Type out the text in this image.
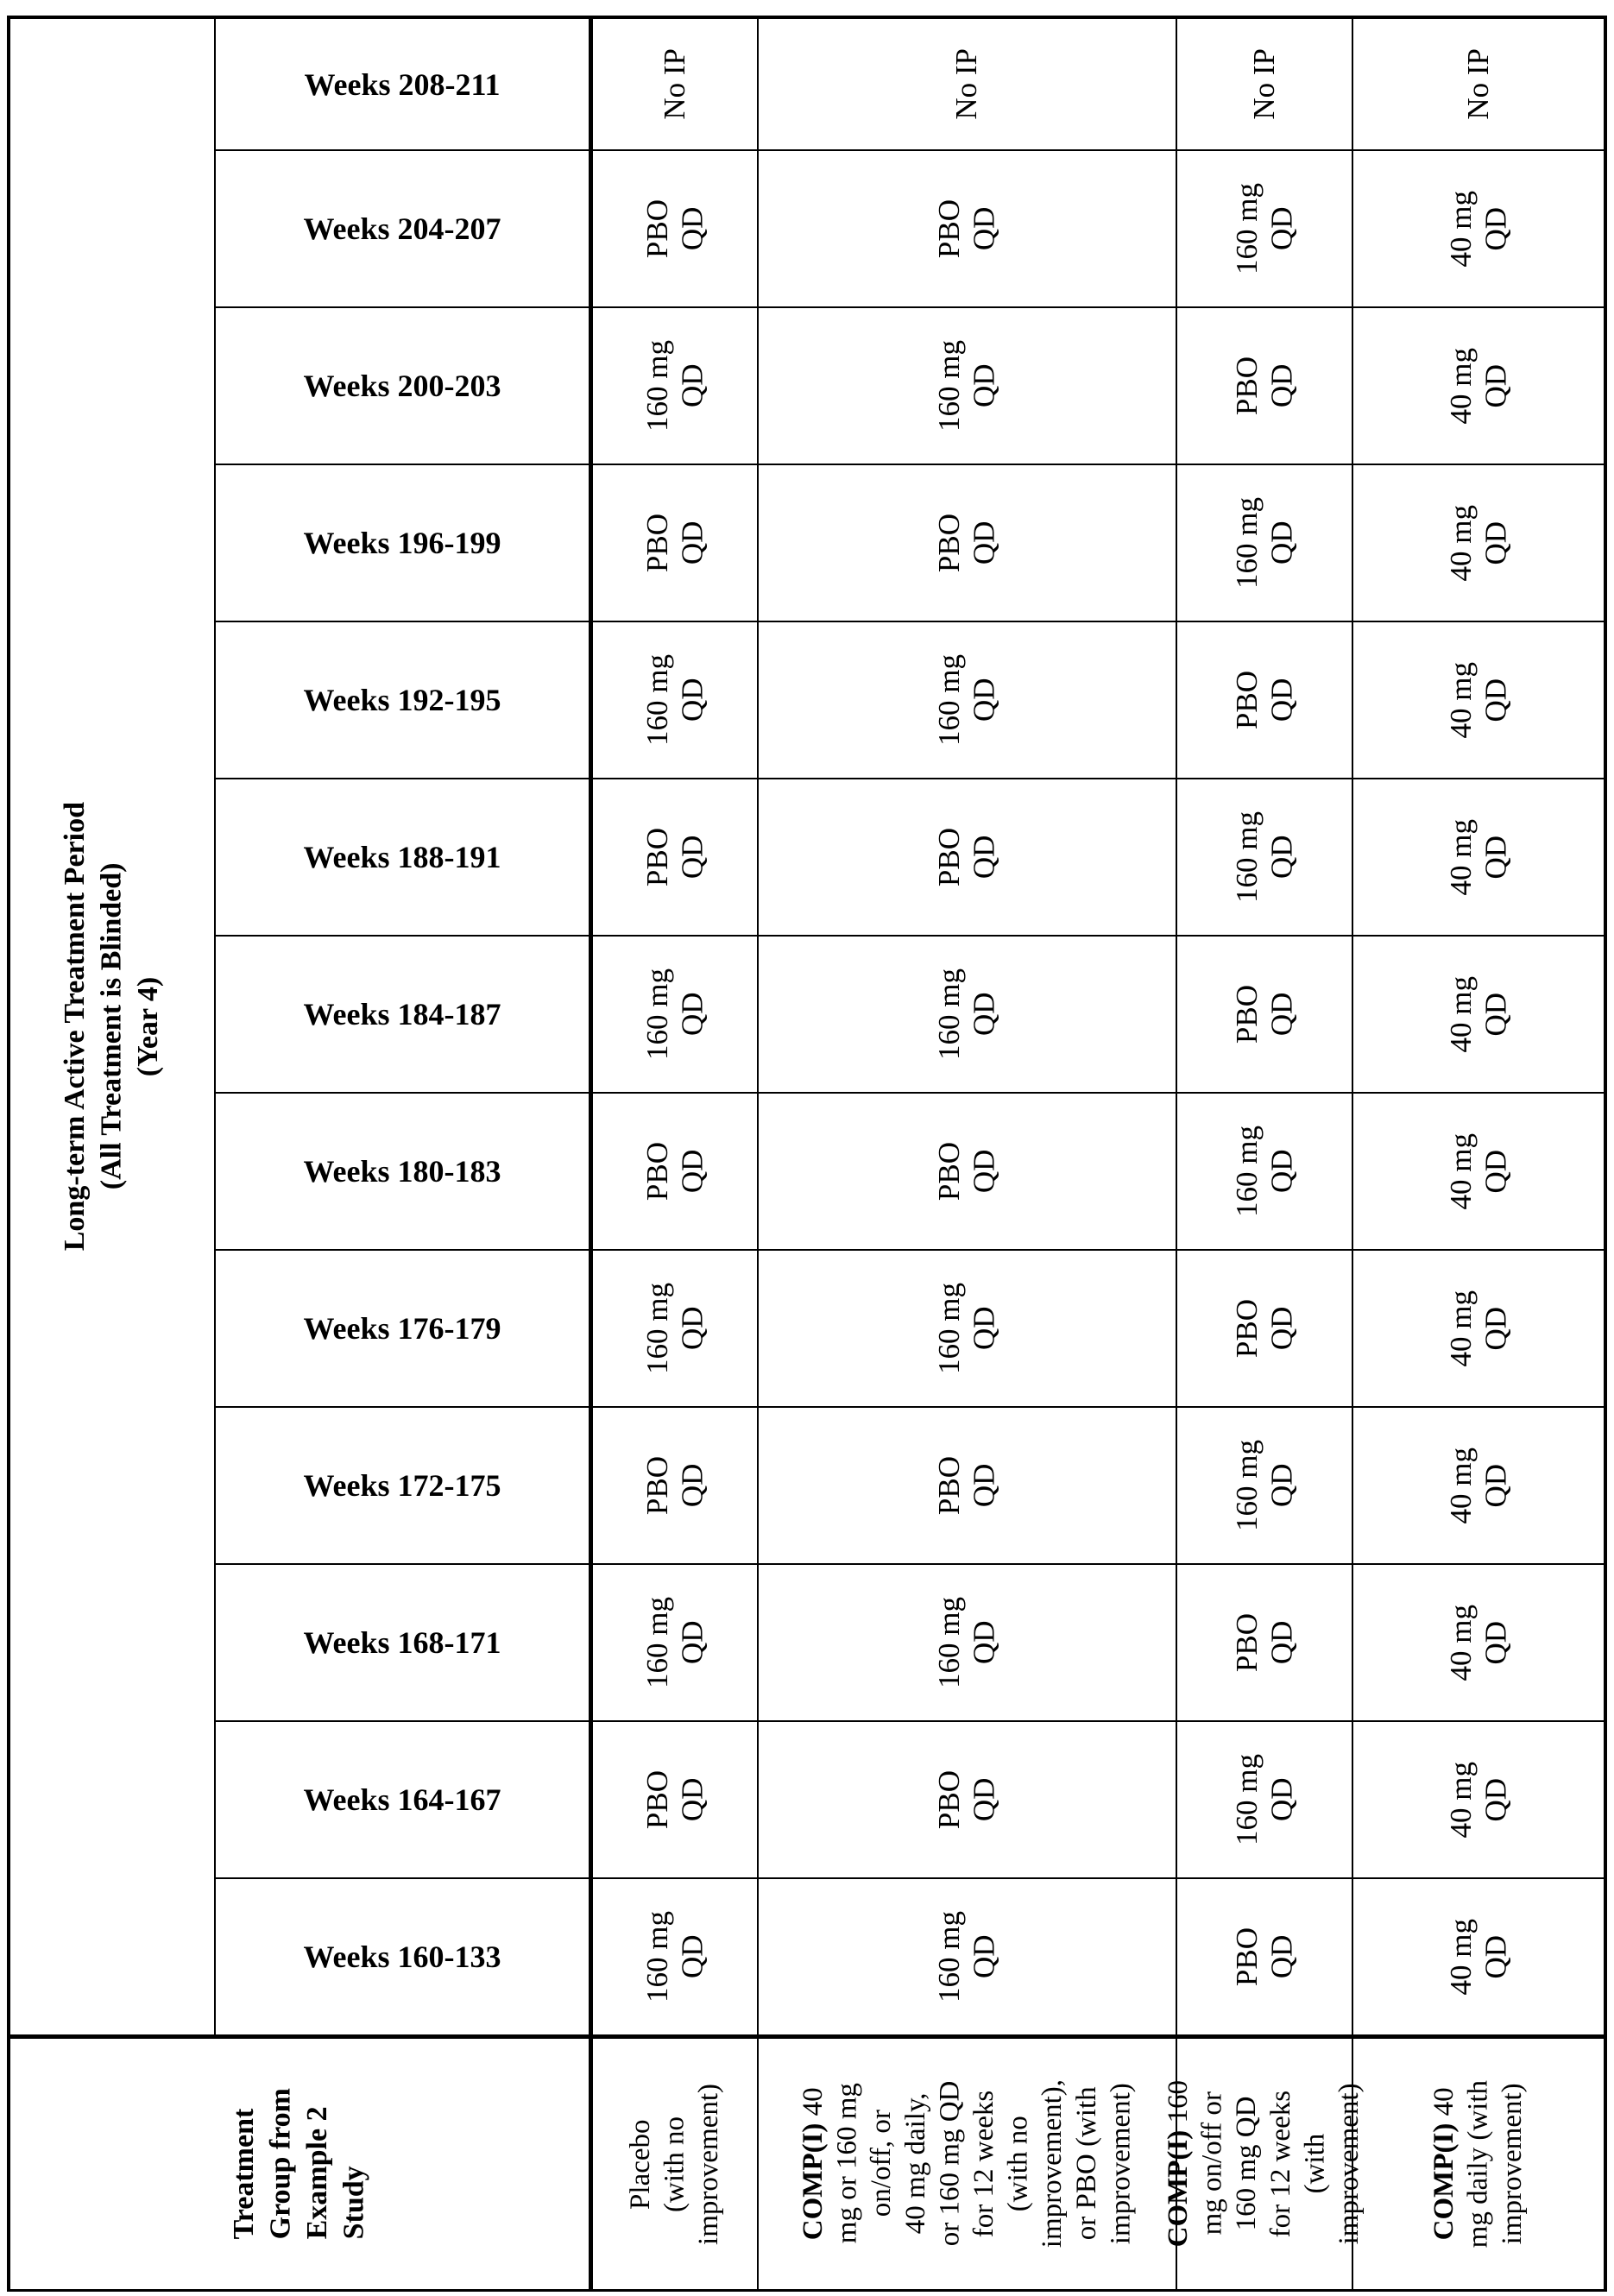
Long-term Active Treatment Period
(All Treatment is Blinded)
(Year 4)
Treatment
Group from
Example 2
Study
Weeks 208-211	No IP	No IP	No IP	No IP
Weeks 204-207	PBO
QD	PBO
QD
160 mg
QD
40 mg
QD
Weeks 200-203
160 mg
QD
160 mg
QD	PBO
QD
40 mg
QD
Weeks 196-199	PBO
QD	PBO
QD
160 mg
QD
40 mg
QD
Weeks 192-195
160 mg
QD
160 mg
QD	PBO
QD
40 mg
QD
Weeks 188-191	PBO
QD	PBO
QD
160 mg
QD
40 mg
QD
Weeks 184-187
160 mg
QD
160 mg
QD	PBO
QD
40 mg
QD
Weeks 180-183	PBO
QD	PBO
QD
160 mg
QD
40 mg
QD
Weeks 176-179
160 mg
QD
160 mg
QD	PBO
QD
40 mg
QD
Weeks 172-175	PBO
QD	PBO
QD
160 mg
QD
40 mg
QD
Weeks 168-171
160 mg
QD
160 mg
QD	PBO
QD
40 mg
QD
Weeks 164-167	PBO
QD	PBO
QD
160 mg
QD
40 mg
QD
Weeks 160-133
160 mg
QD
160 mg
QD	PBO
QD
40 mg
QD
Placebo
(with no
improvement)	COMP(I) 40
mg or 160 mg
on/off, or
40 mg daily,
or 160 mg QD
for 12 weeks
(with no
improvement),
or PBO (with
improvement) COMP(I) 160
mg on/off or
160 mg QD
for 12 weeks
(with
improvement) COMP(I) 40
mg daily (with
improvement)
